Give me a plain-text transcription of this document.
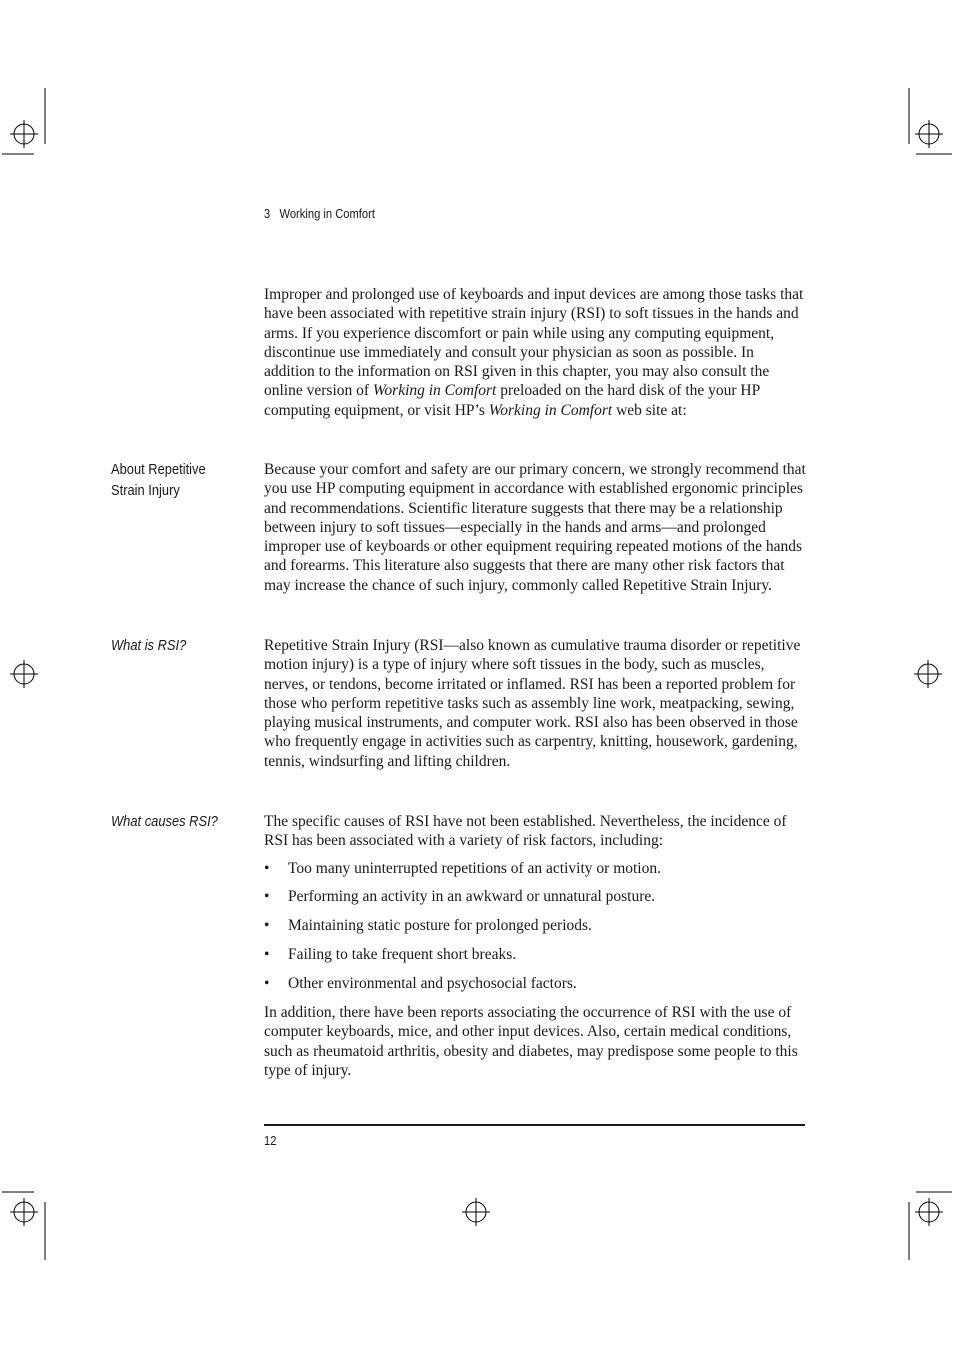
3 Working in Comfort

Improper and prolonged use of keyboards and input devices are among those tasks that have been associated with repetitive strain injury (RSI) to soft tissues in the hands and arms. If you experience discomfort or pain while using any computing equipment, discontinue use immediately and consult your physician as soon as possible. In addition to the information on RSI given in this chapter, you may also consult the online version of Working in Comfort preloaded on the hard disk of the your HP computing equipment, or visit HP’s Working in Comfort web site at:

About Repetitive Strain Injury

Because your comfort and safety are our primary concern, we strongly recommend that you use HP computing equipment in accordance with established ergonomic principles and recommendations. Scientific literature suggests that there may be a relationship between injury to soft tissues—especially in the hands and arms—and prolonged improper use of keyboards or other equipment requiring repeated motions of the hands and forearms. This literature also suggests that there are many other risk factors that may increase the chance of such injury, commonly called Repetitive Strain Injury.

What is RSI?	Repetitive Strain Injury (RSI—also known as cumulative trauma disorder or repetitive motion injury) is a type of injury where soft tissues in the body, such as muscles, nerves, or tendons, become irritated or inflamed. RSI has been a reported problem for those who perform repetitive tasks such as assembly line work, meatpacking, sewing, playing musical instruments, and computer work. RSI also has been observed in those who frequently engage in activities such as carpentry, knitting, housework, gardening, tennis, windsurfing and lifting children.

What causes RSI?	The specific causes of RSI have not been established. Nevertheless, the incidence of RSI has been associated with a variety of risk factors, including:

• Too many uninterrupted repetitions of an activity or motion.
• Performing an activity in an awkward or unnatural posture.
• Maintaining static posture for prolonged periods.
• Failing to take frequent short breaks.
• Other environmental and psychosocial factors.

In addition, there have been reports associating the occurrence of RSI with the use of computer keyboards, mice, and other input devices. Also, certain medical conditions, such as rheumatoid arthritis, obesity and diabetes, may predispose some people to this type of injury.

12
